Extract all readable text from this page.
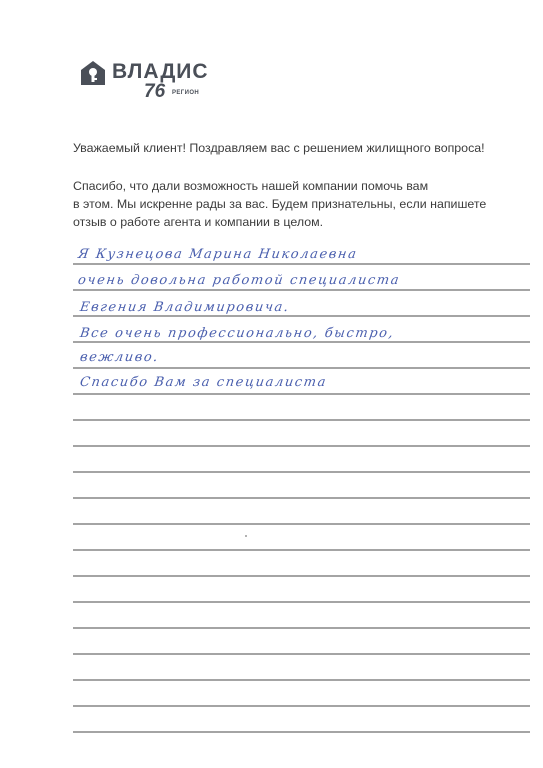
ВЛАДИС
76 РЕГИОН
Уважаемый клиент! Поздравляем вас с решением жилищного вопроса!
Спасибо, что дали возможность нашей компании помочь вам
в этом. Мы искренне рады за вас. Будем признательны, если напишете
отзыв о работе агента и компании в целом.
Я Кузнецова Марина Николаевна
очень довольна работой специалиста
Евгения Владимировича.
Все очень профессионально, быстро,
вежливо.
Спасибо Вам за специалиста
